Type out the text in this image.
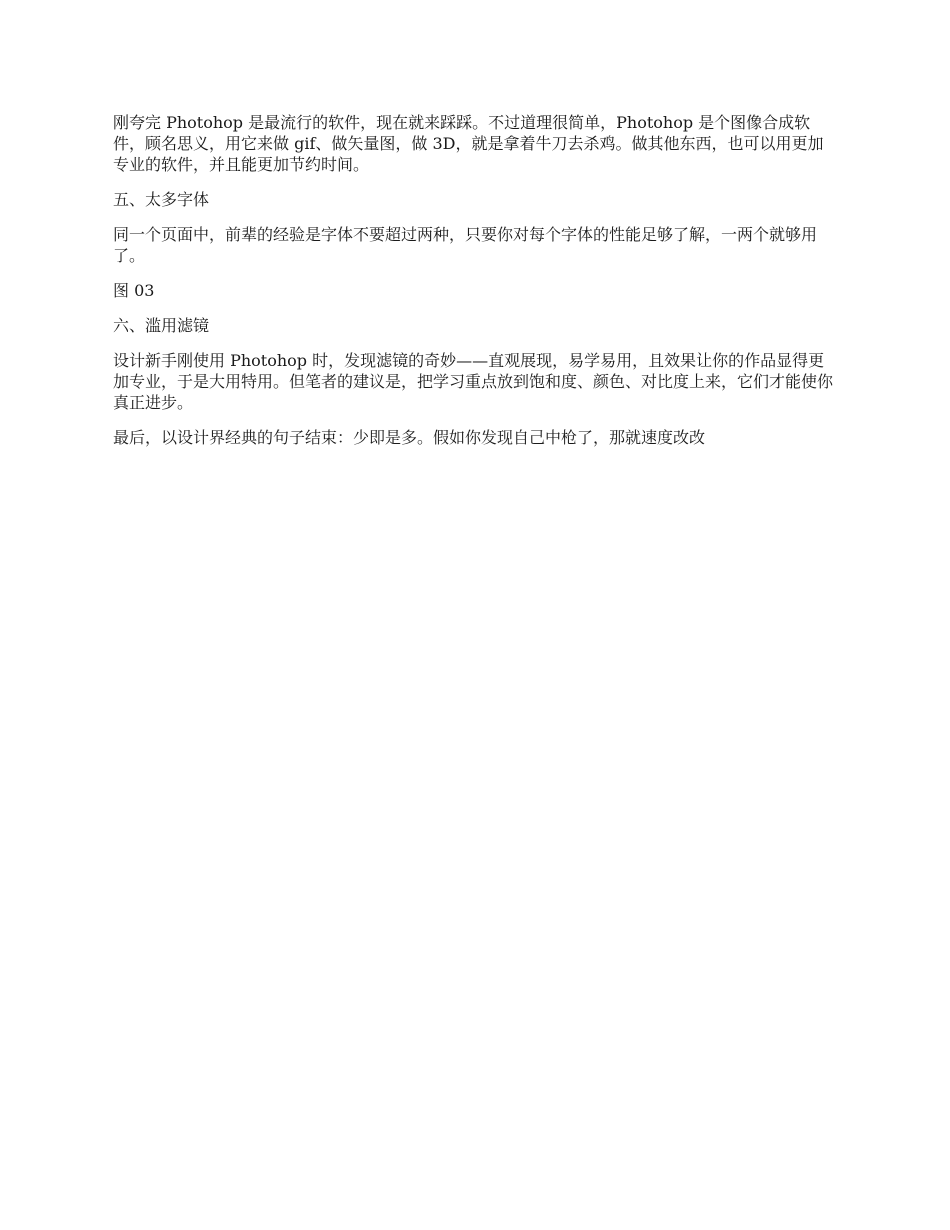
刚夸完 Photohop 是最流行的软件，现在就来踩踩。不过道理很简单，Photohop 是个图像合成软件，顾名思义，用它来做 gif、做矢量图，做 3D，就是拿着牛刀去杀鸡。做其他东西，也可以用更加专业的软件，并且能更加节约时间。

五、太多字体

同一个页面中，前辈的经验是字体不要超过两种，只要你对每个字体的性能足够了解，一两个就够用了。

图 03

六、滥用滤镜

设计新手刚使用 Photohop 时，发现滤镜的奇妙——直观展现，易学易用，且效果让你的作品显得更加专业，于是大用特用。但笔者的建议是，把学习重点放到饱和度、颜色、对比度上来，它们才能使你真正进步。

最后，以设计界经典的句子结束：少即是多。假如你发现自己中枪了，那就速度改改
